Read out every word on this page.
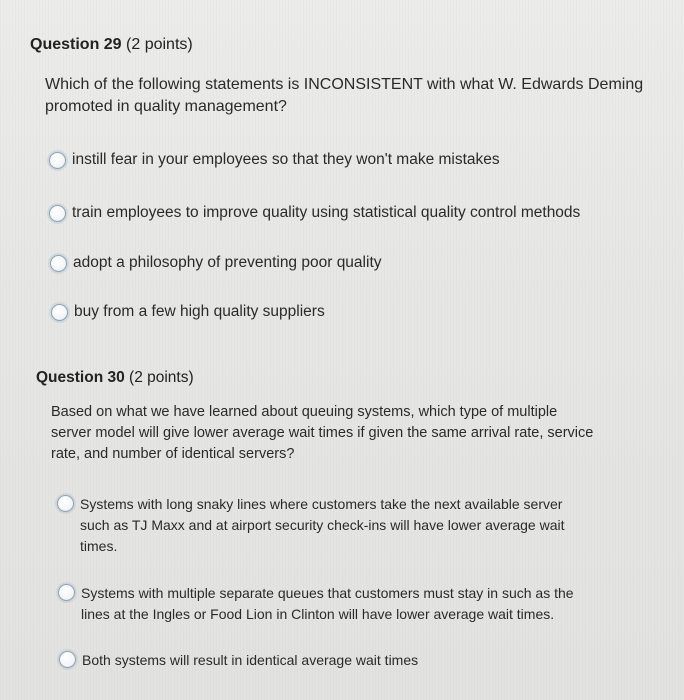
Question 29 (2 points)
Which of the following statements is INCONSISTENT with what W. Edwards Deming
promoted in quality management?
instill fear in your employees so that they won't make mistakes
train employees to improve quality using statistical quality control methods
adopt a philosophy of preventing poor quality
buy from a few high quality suppliers
Question 30 (2 points)
Based on what we have learned about queuing systems, which type of multiple
server model will give lower average wait times if given the same arrival rate, service
rate, and number of identical servers?
Systems with long snaky lines where customers take the next available server
such as TJ Maxx and at airport security check-ins will have lower average wait
times.
Systems with multiple separate queues that customers must stay in such as the
lines at the Ingles or Food Lion in Clinton will have lower average wait times.
Both systems will result in identical average wait times
